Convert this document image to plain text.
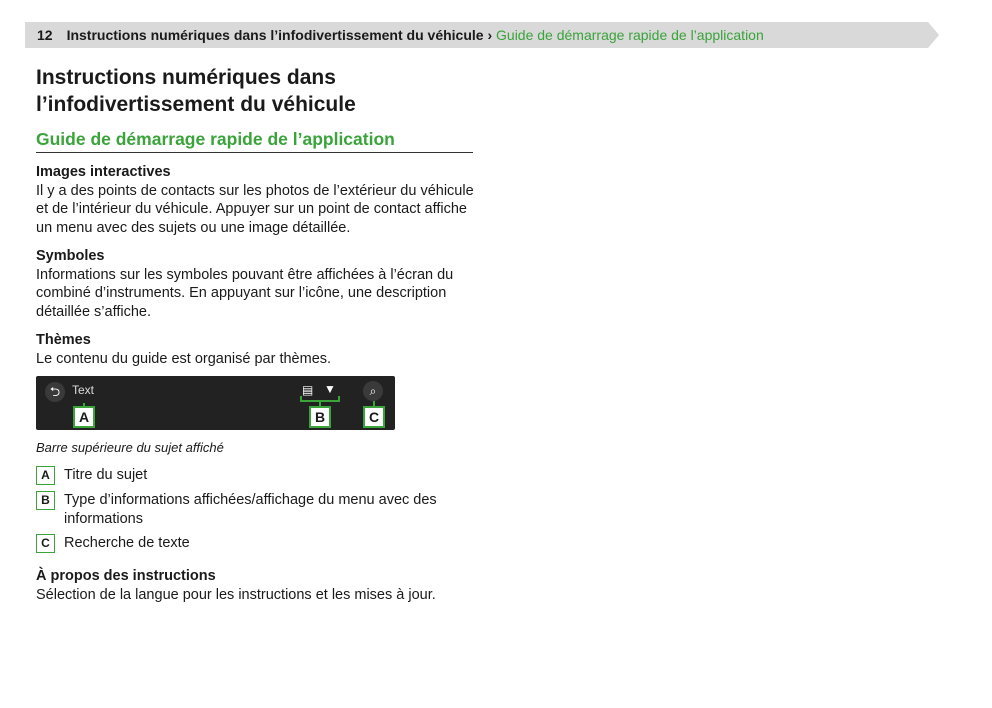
12 Instructions numériques dans l’infodivertissement du véhicule › Guide de démarrage rapide de l’application
Instructions numériques dans l’infodivertissement du véhicule
Guide de démarrage rapide de l’application
Images interactives
Il y a des points de contacts sur les photos de l’extérieur du véhicule et de l’intérieur du véhicule. Appuyer sur un point de contact affiche un menu avec des sujets ou une image détaillée.
Symboles
Informations sur les symboles pouvant être affichées à l’écran du combiné d’instruments. En appuyant sur l’icône, une description détaillée s’affiche.
Thèmes
Le contenu du guide est organisé par thèmes.
⮌ Text	▤ ▼	⌕
A	B	C
Barre supérieure du sujet affiché
A Titre du sujet
B Type d’informations affichées/affichage du menu avec des informations
C Recherche de texte
À propos des instructions
Sélection de la langue pour les instructions et les mises à jour.
